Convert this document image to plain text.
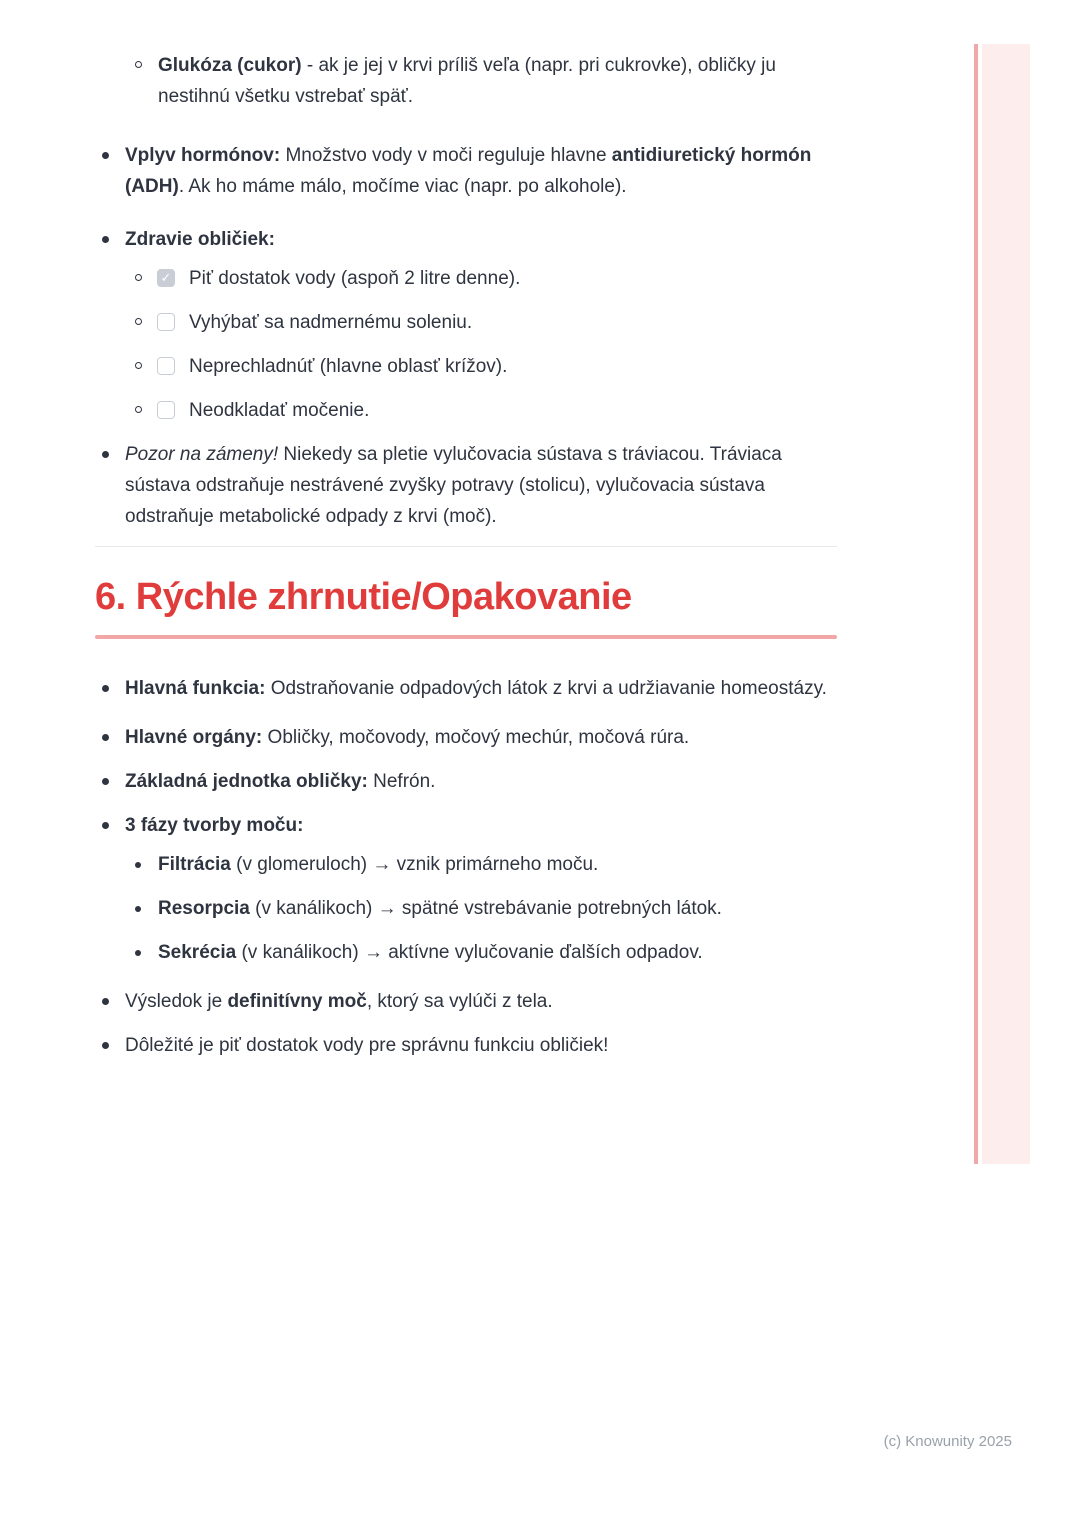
Glukóza (cukor) - ak je jej v krvi príliš veľa (napr. pri cukrovke), obličky ju nestihnú všetku vstrebať späť.
Vplyv hormónov: Množstvo vody v moči reguluje hlavne antidiuretický hormón (ADH). Ak ho máme málo, močíme viac (napr. po alkohole).
Zdravie obličiek:
✓
Piť dostatok vody (aspoň 2 litre denne).
Vyhýbať sa nadmernému soleniu.
Neprechladnúť (hlavne oblasť krížov).
Neodkladať močenie.
Pozor na zámeny! Niekedy sa pletie vylučovacia sústava s tráviacou. Tráviaca sústava odstraňuje nestrávené zvyšky potravy (stolicu), vylučovacia sústava odstraňuje metabolické odpady z krvi (moč).
6. Rýchle zhrnutie/Opakovanie
Hlavná funkcia: Odstraňovanie odpadových látok z krvi a udržiavanie homeostázy.
Hlavné orgány: Obličky, močovody, močový mechúr, močová rúra.
Základná jednotka obličky: Nefrón.
3 fázy tvorby moču:
Filtrácia (v glomeruloch) → vznik primárneho moču.
Resorpcia (v kanálikoch) → spätné vstrebávanie potrebných látok.
Sekrécia (v kanálikoch) → aktívne vylučovanie ďalších odpadov.
Výsledok je definitívny moč, ktorý sa vylúči z tela.
Dôležité je piť dostatok vody pre správnu funkciu obličiek!
(c) Knowunity 2025
